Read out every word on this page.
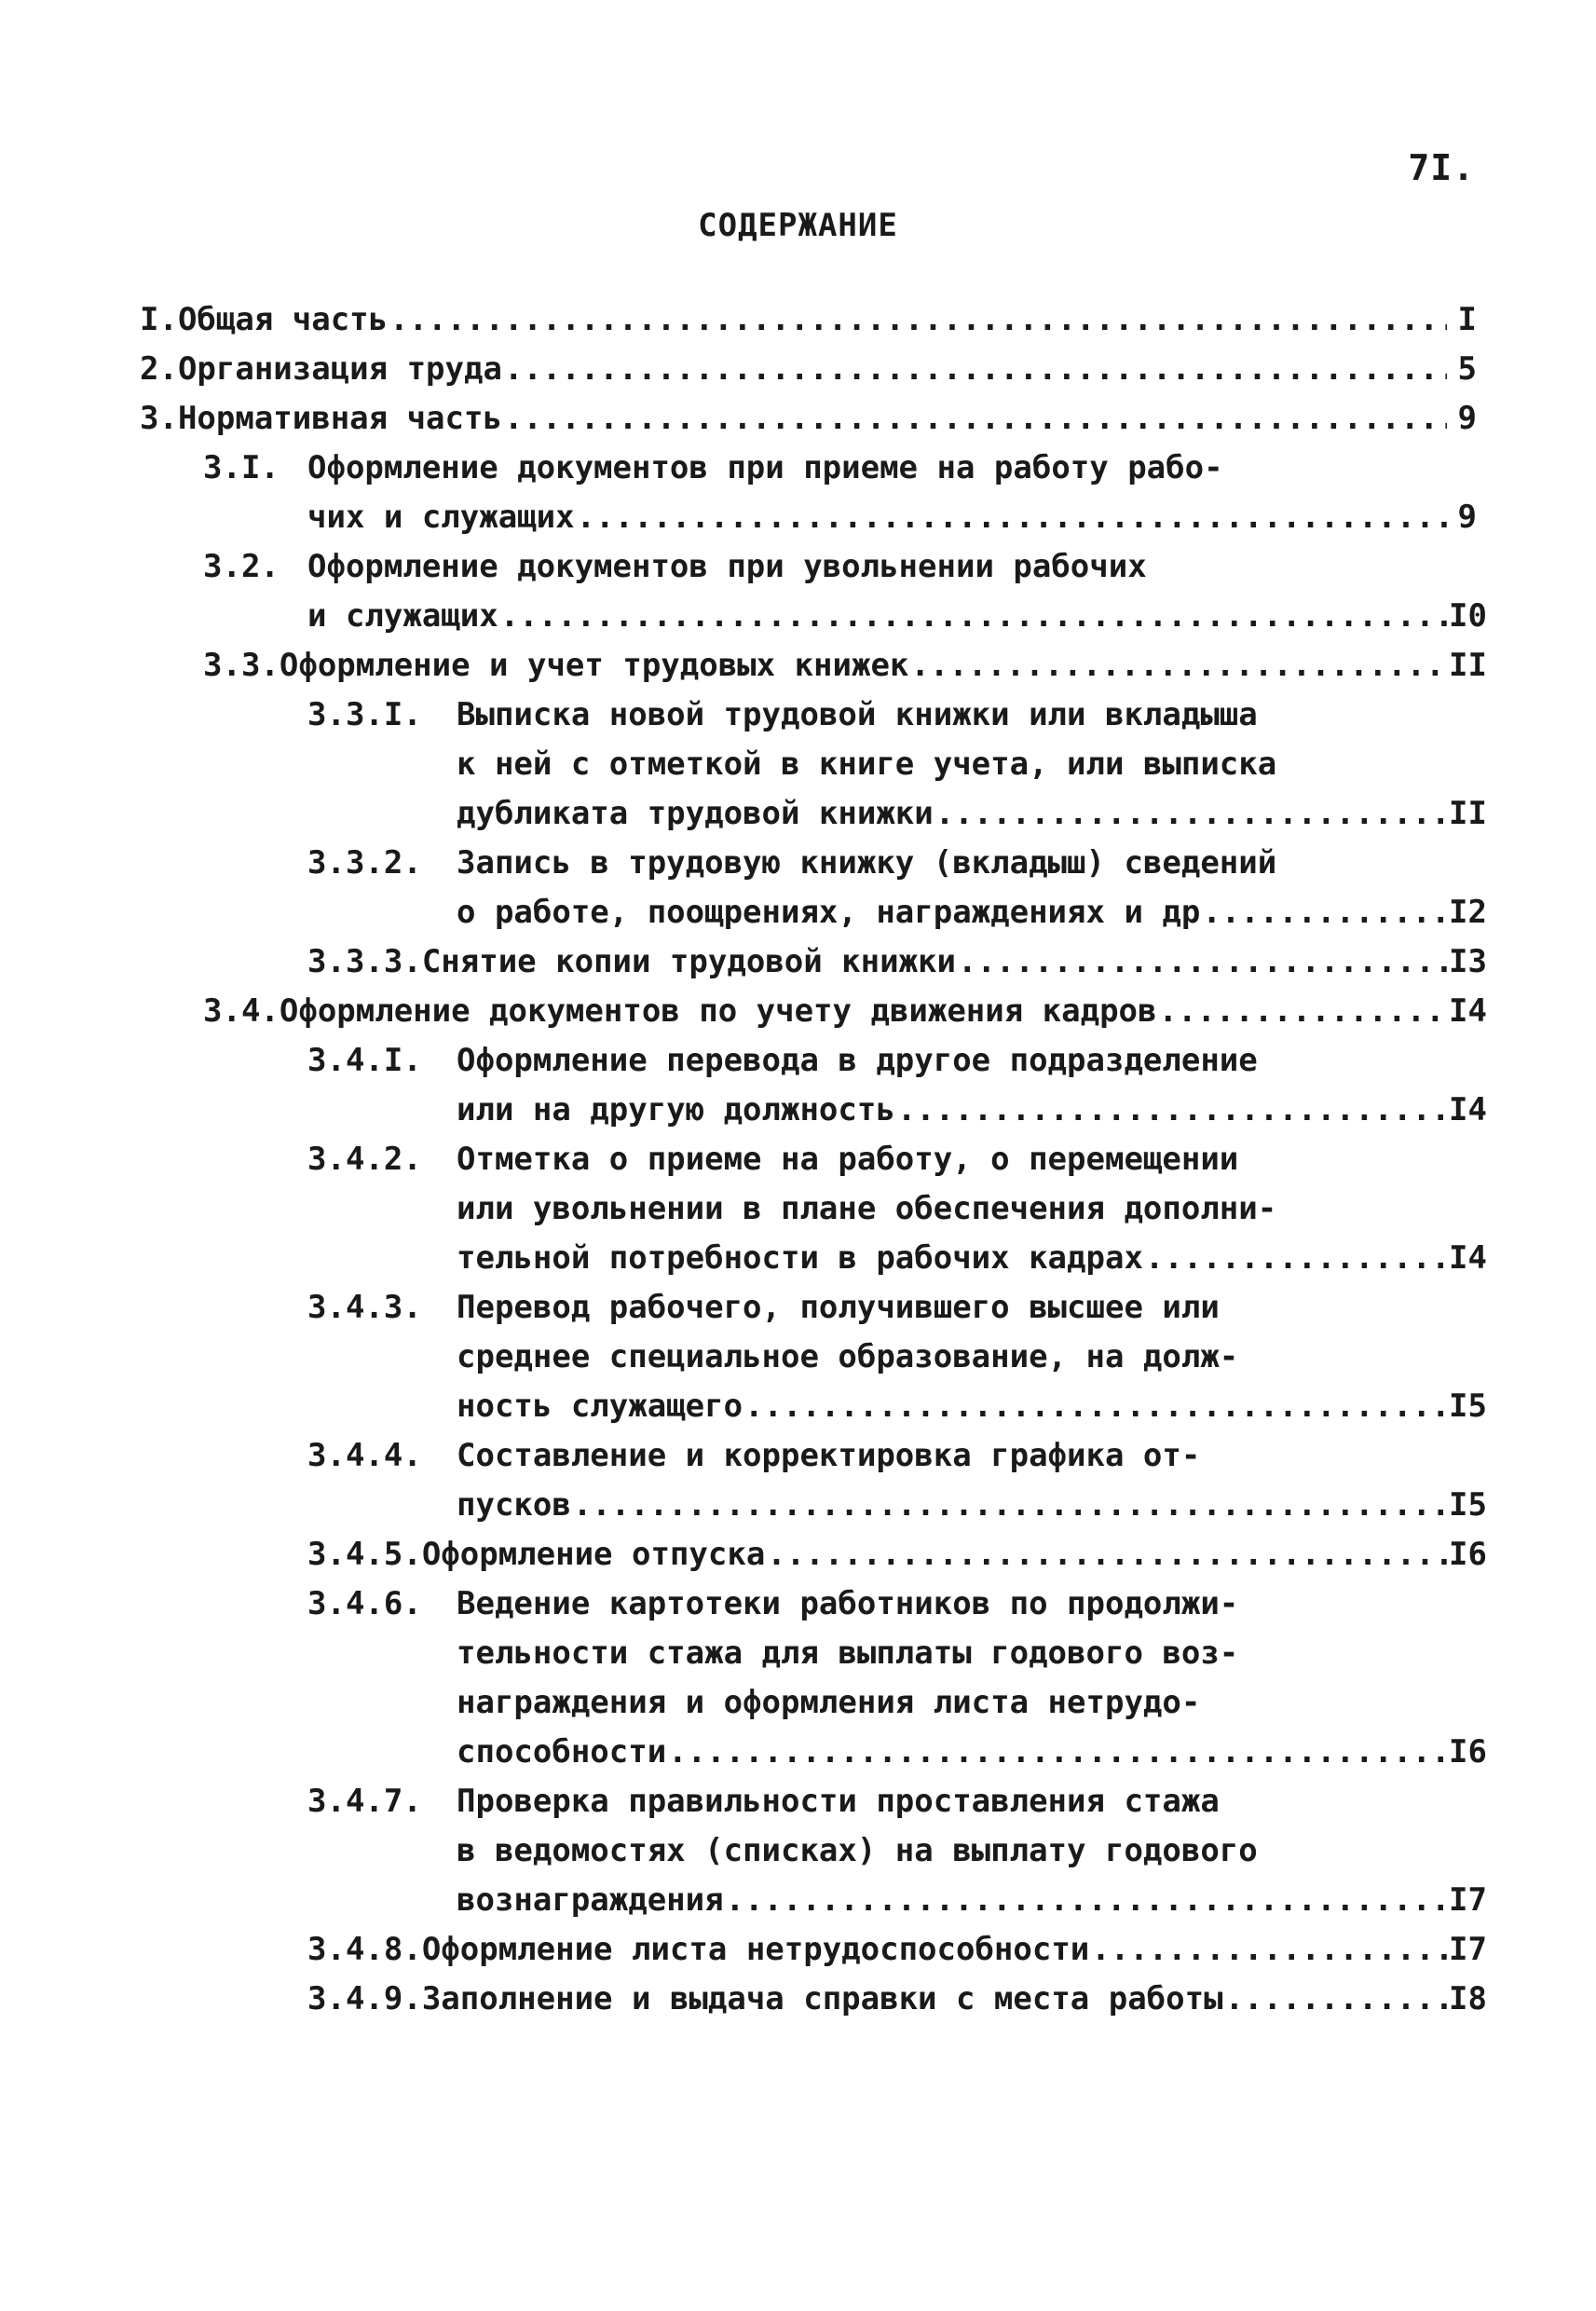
7I.
СОДЕРЖАНИЕ
I. Общая часть .....	I
2. Организация труда .....	5
3. Нормативная часть .....	9
3.I. Оформление документов при приеме на работу рабо-
чих и служащих .....	9
3.2. Оформление документов при увольнении рабочих
и служащих .....	I0
3.3. Оформление и учет трудовых книжек .....	II
3.3.I.	Выписка новой трудовой книжки или вкладыша
к ней с отметкой в книге учета, или выписка
дубликата трудовой книжки .....	II
3.3.2.	Запись в трудовую книжку (вкладыш) сведений
о работе, поощрениях, награждениях и др .....	I2
3.3.3. Снятие копии трудовой книжки .....	I3
3.4. Оформление документов по учету движения кадров .....	I4
3.4.I.	Оформление перевода в другое подразделение
или на другую должность .....	I4
3.4.2.	Отметка о приеме на работу, о перемещении
или увольнении в плане обеспечения дополни-
тельной потребности в рабочих кадрах .....	I4
3.4.3.	Перевод рабочего, получившего высшее или
среднее специальное образование, на долж-
ность служащего .....	I5
3.4.4.	Составление и корректировка графика от-
пусков .....	I5
3.4.5. Оформление отпуска .....	I6
3.4.6.	Ведение картотеки работников по продолжи-
тельности стажа для выплаты годового воз-
награждения и оформления листа нетрудо-
способности .....	I6
3.4.7.	Проверка правильности проставления стажа
в ведомостях (списках) на выплату годового
вознаграждения .....	I7
3.4.8. Оформление листа нетрудоспособности .....	I7
3.4.9. Заполнение и выдача справки с места работы .....	I8
